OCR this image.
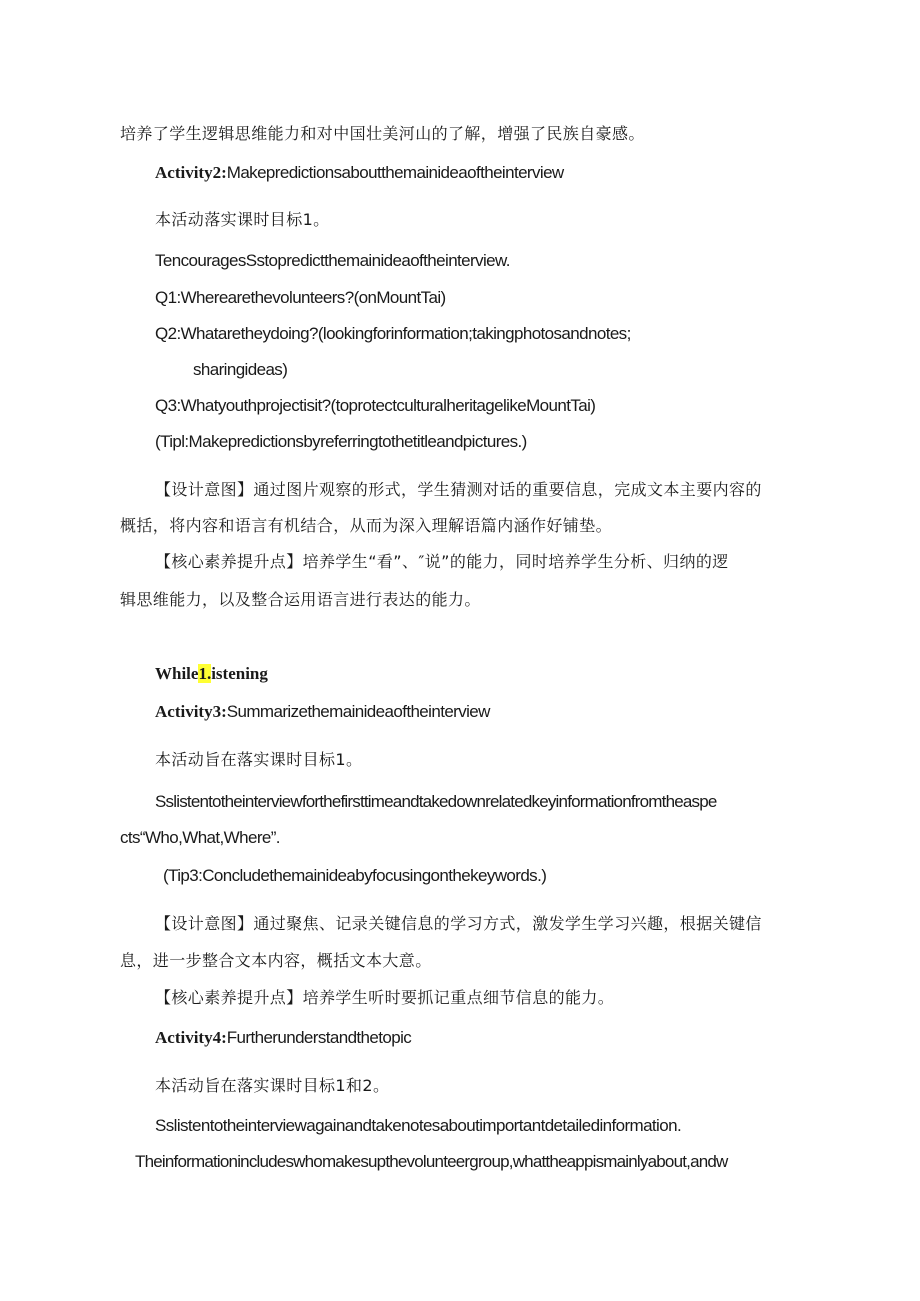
培养了学生逻辑思维能力和对中国壮美河山的了解，增强了民族自豪感。
Activity2:Makepredictionsaboutthemainideaoftheinterview
本活动落实课时目标1。
TencouragesSstopredictthemainideaoftheinterview.
Q1:Wherearethevolunteers?(onMountTai)
Q2:Whataretheydoing?(lookingforinformation;takingphotosandnotes;
sharingideas)
Q3:Whatyouthprojectisit?(toprotectculturalheritagelikeMountTai)
(Tipl:Makepredictionsbyreferringtothetitleandpictures.)
【设计意图】通过图片观察的形式，学生猜测对话的重要信息，完成文本主要内容的
概括，将内容和语言有机结合，从而为深入理解语篇内涵作好铺垫。
【核心素养提升点】培养学生“看”、″说”的能力，同时培养学生分析、归纳的逻
辑思维能力，以及整合运用语言进行表达的能力。
While1.istening
Activity3:Summarizethemainideaoftheinterview
本活动旨在落实课时目标1。
Sslistentotheinterviewforthefirsttimeandtakedownrelatedkeyinformationfromtheaspe
cts“Who,What,Where”.
(Tip3:Concludethemainideabyfocusingonthekeywords.)
【设计意图】通过聚焦、记录关键信息的学习方式，激发学生学习兴趣，根据关键信
息，进一步整合文本内容，概括文本大意。
【核心素养提升点】培养学生听时要抓记重点细节信息的能力。
Activity4:Furtherunderstandthetopic
本活动旨在落实课时目标1和2。
Sslistentotheinterviewagainandtakenotesaboutimportantdetailedinformation.
Theinformationincludeswhomakesupthevolunteergroup,whattheappismainlyabout,andw
